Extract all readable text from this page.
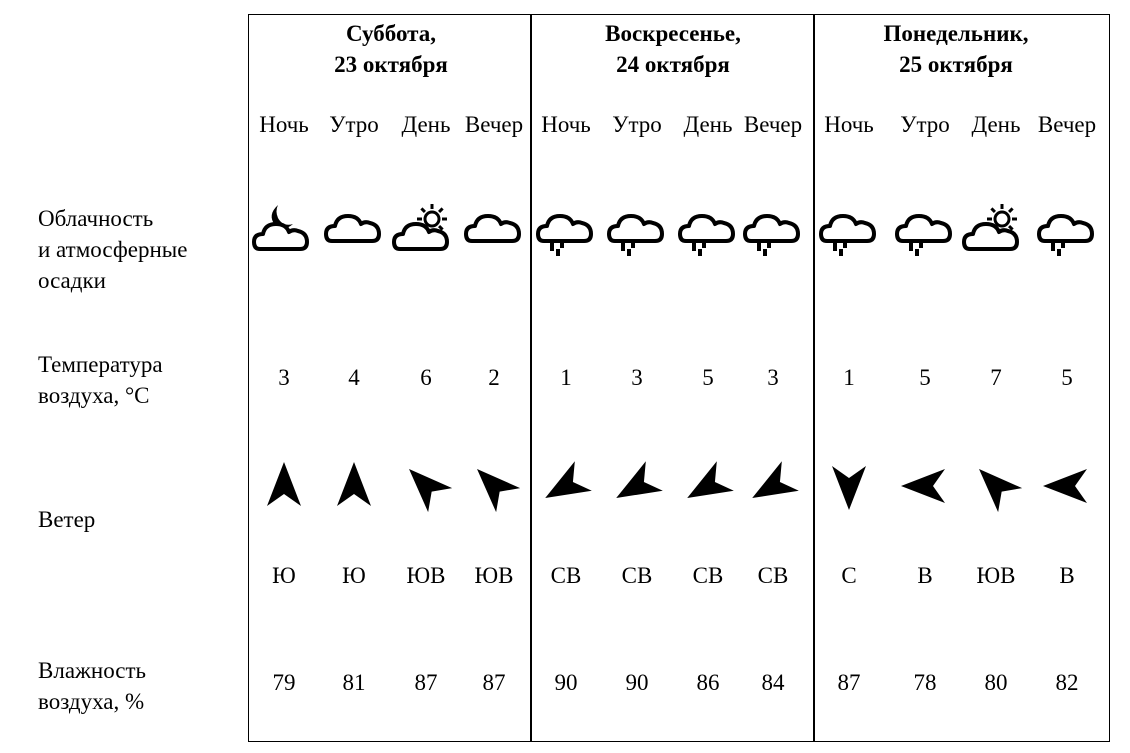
Облачность
и атмосферные
осадки
Температура
воздуха, °C
Ветер
Влажность
воздуха, %
Суббота,
23 октября
Ночь
3
Ю
79
Утро
4
Ю
81
День
6
ЮВ
87
Вечер
2
ЮВ
87
Воскресенье,
24 октября
Ночь
1
СВ
90
Утро
3
СВ
90
День
5
СВ
86
Вечер
3
СВ
84
Понедельник,
25 октября
Ночь
1
С
87
Утро
5
В
78
День
7
ЮВ
80
Вечер
5
В
82
